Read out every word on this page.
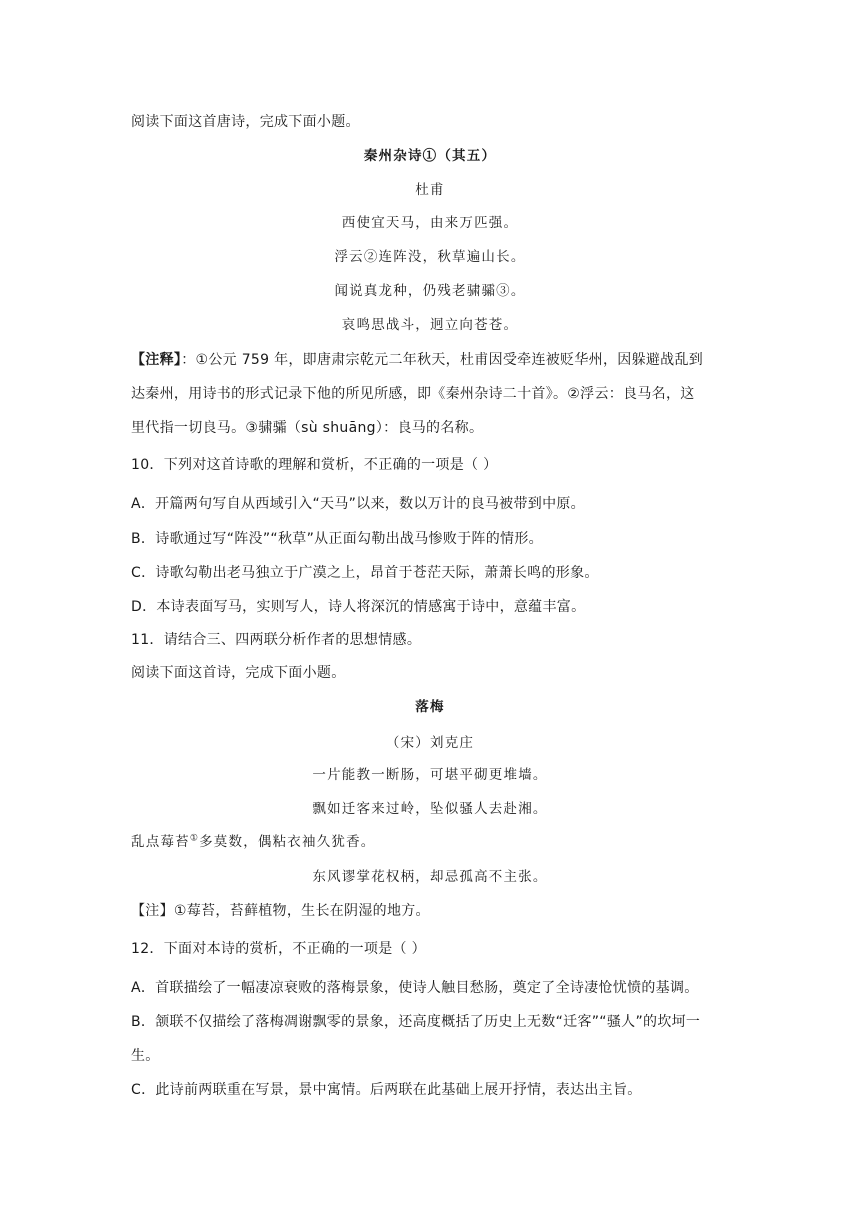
阅读下面这首唐诗，完成下面小题。
秦州杂诗①（其五）
杜甫
西使宜天马，由来万匹强。
浮云②连阵没，秋草遍山长。
闻说真龙种，仍残老骕骦③。
哀鸣思战斗，迥立向苍苍。
【注释】：①公元 759 年，即唐肃宗乾元二年秋天，杜甫因受牵连被贬华州，因躲避战乱到
达秦州，用诗书的形式记录下他的所见所感，即《秦州杂诗二十首》。②浮云：良马名，这
里代指一切良马。③骕骦（sù shuāng）：良马的名称。
10．下列对这首诗歌的理解和赏析，不正确的一项是（ ）
A．开篇两句写自从西域引入“天马”以来，数以万计的良马被带到中原。
B．诗歌通过写“阵没”“秋草”从正面勾勒出战马惨败于阵的情形。
C．诗歌勾勒出老马独立于广漠之上，昂首于苍茫天际，萧萧长鸣的形象。
D．本诗表面写马，实则写人，诗人将深沉的情感寓于诗中，意蕴丰富。
11．请结合三、四两联分析作者的思想情感。
阅读下面这首诗，完成下面小题。
落梅
（宋）刘克庄
一片能教一断肠，可堪平砌更堆墙。
飘如迁客来过岭，坠似骚人去赴湘。
乱点莓苔①多莫数，偶粘衣袖久犹香。
东风谬掌花权柄，却忌孤高不主张。
【注】①莓苔，苔藓植物，生长在阴湿的地方。
12．下面对本诗的赏析，不正确的一项是（ ）
A．首联描绘了一幅凄凉衰败的落梅景象，使诗人触目愁肠，奠定了全诗凄怆忧愤的基调。
B．颔联不仅描绘了落梅凋谢飘零的景象，还高度概括了历史上无数“迁客”“骚人”的坎坷一
生。
C．此诗前两联重在写景，景中寓情。后两联在此基础上展开抒情，表达出主旨。
